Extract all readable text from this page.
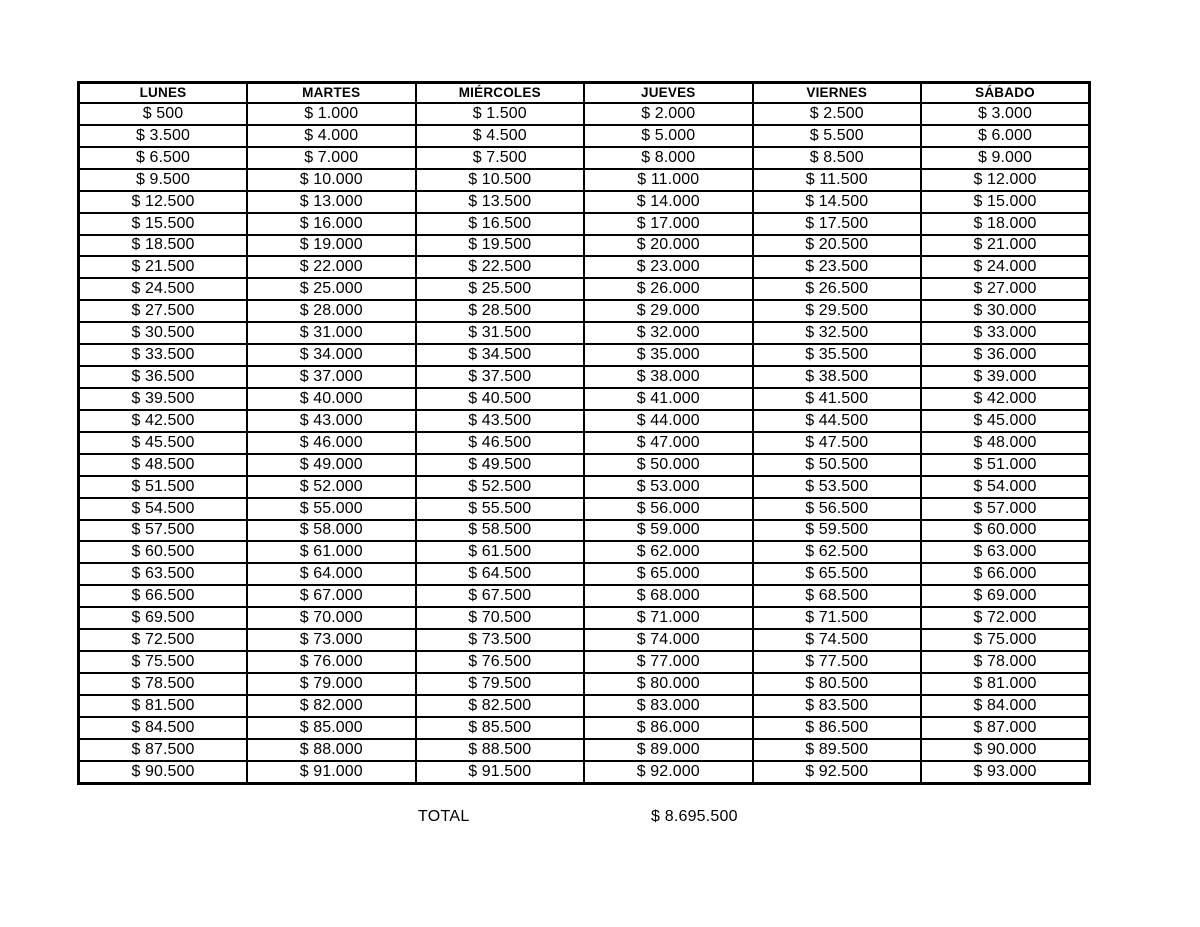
LUNES	MARTES	MIÉRCOLES	JUEVES	VIERNES	SÁBADO
$ 500	$ 1.000	$ 1.500	$ 2.000	$ 2.500	$ 3.000
$ 3.500	$ 4.000	$ 4.500	$ 5.000	$ 5.500	$ 6.000
$ 6.500	$ 7.000	$ 7.500	$ 8.000	$ 8.500	$ 9.000
$ 9.500	$ 10.000	$ 10.500	$ 11.000	$ 11.500	$ 12.000
$ 12.500	$ 13.000	$ 13.500	$ 14.000	$ 14.500	$ 15.000
$ 15.500	$ 16.000	$ 16.500	$ 17.000	$ 17.500	$ 18.000
$ 18.500	$ 19.000	$ 19.500	$ 20.000	$ 20.500	$ 21.000
$ 21.500	$ 22.000	$ 22.500	$ 23.000	$ 23.500	$ 24.000
$ 24.500	$ 25.000	$ 25.500	$ 26.000	$ 26.500	$ 27.000
$ 27.500	$ 28.000	$ 28.500	$ 29.000	$ 29.500	$ 30.000
$ 30.500	$ 31.000	$ 31.500	$ 32.000	$ 32.500	$ 33.000
$ 33.500	$ 34.000	$ 34.500	$ 35.000	$ 35.500	$ 36.000
$ 36.500	$ 37.000	$ 37.500	$ 38.000	$ 38.500	$ 39.000
$ 39.500	$ 40.000	$ 40.500	$ 41.000	$ 41.500	$ 42.000
$ 42.500	$ 43.000	$ 43.500	$ 44.000	$ 44.500	$ 45.000
$ 45.500	$ 46.000	$ 46.500	$ 47.000	$ 47.500	$ 48.000
$ 48.500	$ 49.000	$ 49.500	$ 50.000	$ 50.500	$ 51.000
$ 51.500	$ 52.000	$ 52.500	$ 53.000	$ 53.500	$ 54.000
$ 54.500	$ 55.000	$ 55.500	$ 56.000	$ 56.500	$ 57.000
$ 57.500	$ 58.000	$ 58.500	$ 59.000	$ 59.500	$ 60.000
$ 60.500	$ 61.000	$ 61.500	$ 62.000	$ 62.500	$ 63.000
$ 63.500	$ 64.000	$ 64.500	$ 65.000	$ 65.500	$ 66.000
$ 66.500	$ 67.000	$ 67.500	$ 68.000	$ 68.500	$ 69.000
$ 69.500	$ 70.000	$ 70.500	$ 71.000	$ 71.500	$ 72.000
$ 72.500	$ 73.000	$ 73.500	$ 74.000	$ 74.500	$ 75.000
$ 75.500	$ 76.000	$ 76.500	$ 77.000	$ 77.500	$ 78.000
$ 78.500	$ 79.000	$ 79.500	$ 80.000	$ 80.500	$ 81.000
$ 81.500	$ 82.000	$ 82.500	$ 83.000	$ 83.500	$ 84.000
$ 84.500	$ 85.000	$ 85.500	$ 86.000	$ 86.500	$ 87.000
$ 87.500	$ 88.000	$ 88.500	$ 89.000	$ 89.500	$ 90.000
$ 90.500	$ 91.000	$ 91.500	$ 92.000	$ 92.500	$ 93.000
TOTAL	$ 8.695.500
